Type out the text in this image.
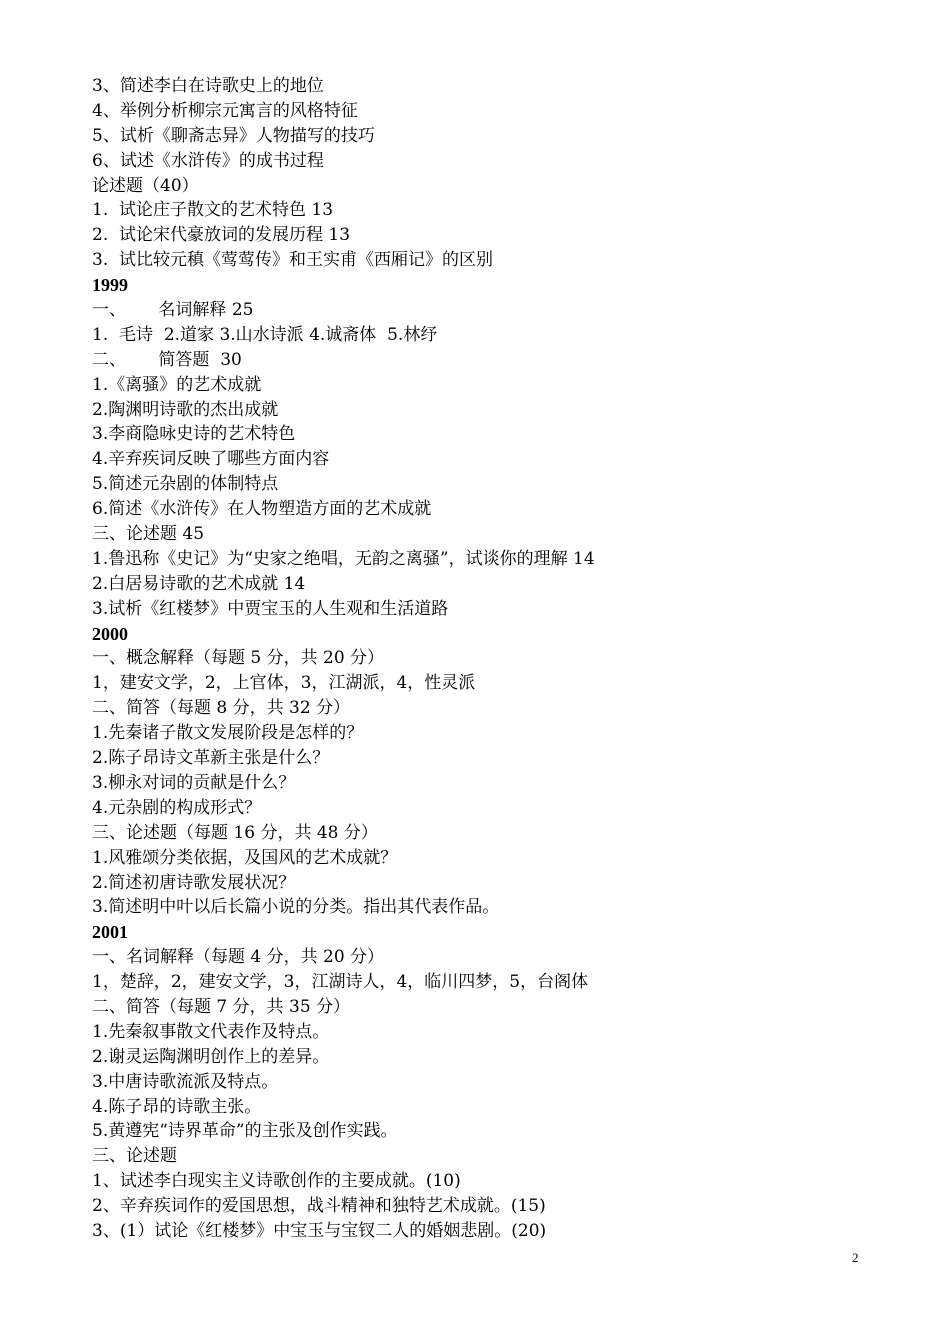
3、简述李白在诗歌史上的地位
4、举例分析柳宗元寓言的风格特征
5、试析《聊斋志异》人物描写的技巧
6、试述《水浒传》的成书过程
论述题（40）
1.  试论庄子散文的艺术特色 13
2.  试论宋代豪放词的发展历程 13
3.  试比较元稹《莺莺传》和王实甫《西厢记》的区别
1999
一、      名词解释 25
1.  毛诗  2.道家 3.山水诗派 4.诚斋体  5.林纾
二、      简答题  30
1.《离骚》的艺术成就
2.陶渊明诗歌的杰出成就
3.李商隐咏史诗的艺术特色
4.辛弃疾词反映了哪些方面内容
5.简述元杂剧的体制特点
6.简述《水浒传》在人物塑造方面的艺术成就
三、论述题 45
1.鲁迅称《史记》为“史家之绝唱，无韵之离骚”，试谈你的理解 14
2.白居易诗歌的艺术成就 14
3.试析《红楼梦》中贾宝玉的人生观和生活道路
2000
一、概念解释（每题 5 分，共 20 分）
1，建安文学，2，上官体，3，江湖派，4，性灵派
二、简答（每题 8 分，共 32 分）
1.先秦诸子散文发展阶段是怎样的？
2.陈子昂诗文革新主张是什么？
3.柳永对词的贡献是什么？
4.元杂剧的构成形式？
三、论述题（每题 16 分，共 48 分）
1.风雅颂分类依据，及国风的艺术成就？
2.简述初唐诗歌发展状况？
3.简述明中叶以后长篇小说的分类。指出其代表作品。
2001
一、名词解释（每题 4 分，共 20 分）
1，楚辞，2，建安文学，3，江湖诗人，4，临川四梦，5，台阁体
二、简答（每题 7 分，共 35 分）
1.先秦叙事散文代表作及特点。
2.谢灵运陶渊明创作上的差异。
3.中唐诗歌流派及特点。
4.陈子昂的诗歌主张。
5.黄遵宪“诗界革命”的主张及创作实践。
三、论述题
1、试述李白现实主义诗歌创作的主要成就。(10)
2、辛弃疾词作的爱国思想，战斗精神和独特艺术成就。(15)
3、(1）试论《红楼梦》中宝玉与宝钗二人的婚姻悲剧。(20)
2
